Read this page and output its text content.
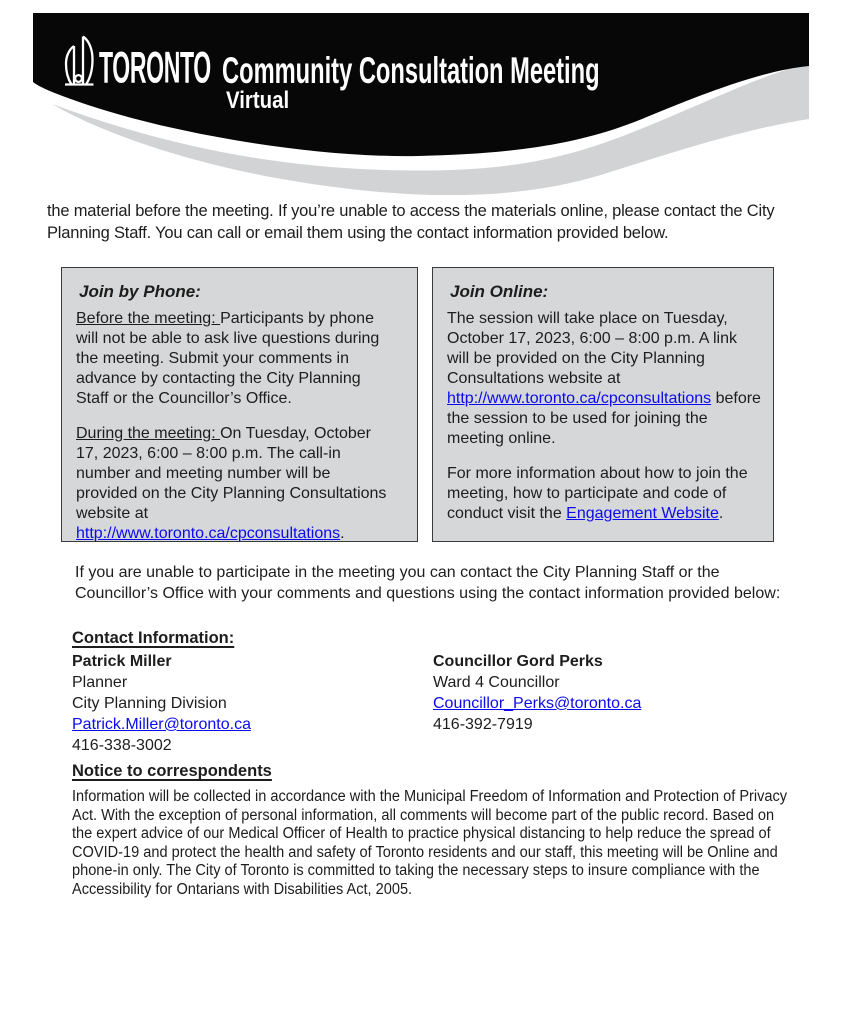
TORONTO Community Consultation Meeting
Virtual

the material before the meeting. If you’re unable to access the materials online, please contact the City Planning Staff. You can call or email them using the contact information provided below.

Join by Phone:

Before the meeting: Participants by phone will not be able to ask live questions during the meeting. Submit your comments in advance by contacting the City Planning Staff or the Councillor’s Office.

During the meeting: On Tuesday, October 17, 2023, 6:00 – 8:00 p.m. The call-in number and meeting number will be provided on the City Planning Consultations website at http://www.toronto.ca/cpconsultations.

Join Online:

The session will take place on Tuesday, October 17, 2023, 6:00 – 8:00 p.m. A link will be provided on the City Planning Consultations website at http://www.toronto.ca/cpconsultations before the session to be used for joining the meeting online.

For more information about how to join the meeting, how to participate and code of conduct visit the Engagement Website.

If you are unable to participate in the meeting you can contact the City Planning Staff or the Councillor’s Office with your comments and questions using the contact information provided below:

Contact Information:
Patrick Miller
Planner
City Planning Division
Patrick.Miller@toronto.ca
416-338-3002
Councillor Gord Perks
Ward 4 Councillor
Councillor_Perks@toronto.ca
416-392-7919
Notice to correspondents

Information will be collected in accordance with the Municipal Freedom of Information and Protection of Privacy Act. With the exception of personal information, all comments will become part of the public record. Based on the expert advice of our Medical Officer of Health to practice physical distancing to help reduce the spread of COVID-19 and protect the health and safety of Toronto residents and our staff, this meeting will be Online and phone-in only. The City of Toronto is committed to taking the necessary steps to insure compliance with the Accessibility for Ontarians with Disabilities Act, 2005.
